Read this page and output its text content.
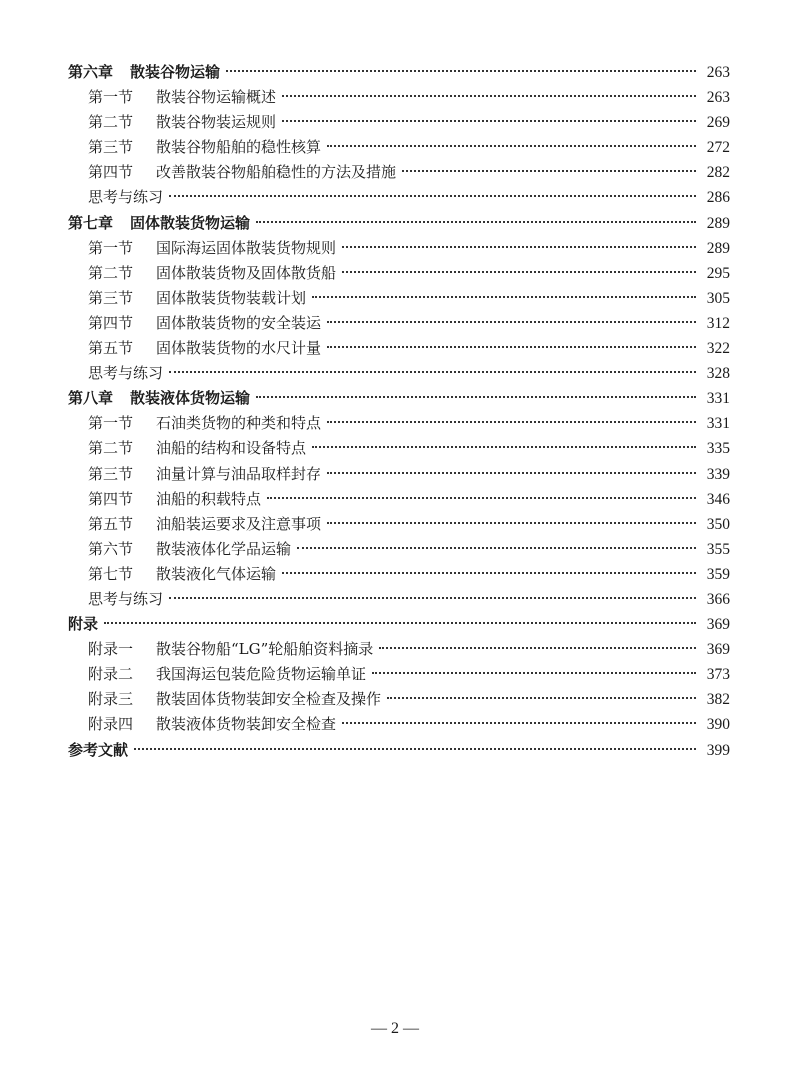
第六章	散装谷物运输	263
第一节	散装谷物运输概述	263
第二节	散装谷物装运规则	269
第三节	散装谷物船舶的稳性核算	272
第四节	改善散装谷物船舶稳性的方法及措施	282
思考与练习	286
第七章	固体散装货物运输	289
第一节	国际海运固体散装货物规则	289
第二节	固体散装货物及固体散货船	295
第三节	固体散装货物装载计划	305
第四节	固体散装货物的安全装运	312
第五节	固体散装货物的水尺计量	322
思考与练习	328
第八章	散装液体货物运输	331
第一节	石油类货物的种类和特点	331
第二节	油船的结构和设备特点	335
第三节	油量计算与油品取样封存	339
第四节	油船的积载特点	346
第五节	油船装运要求及注意事项	350
第六节	散装液体化学品运输	355
第七节	散装液化气体运输	359
思考与练习	366
附录	369
附录一	散装谷物船“LG”轮船舶资料摘录	369
附录二	我国海运包装危险货物运输单证	373
附录三	散装固体货物装卸安全检查及操作	382
附录四	散装液体货物装卸安全检查	390
参考文献	399
— 2 —
